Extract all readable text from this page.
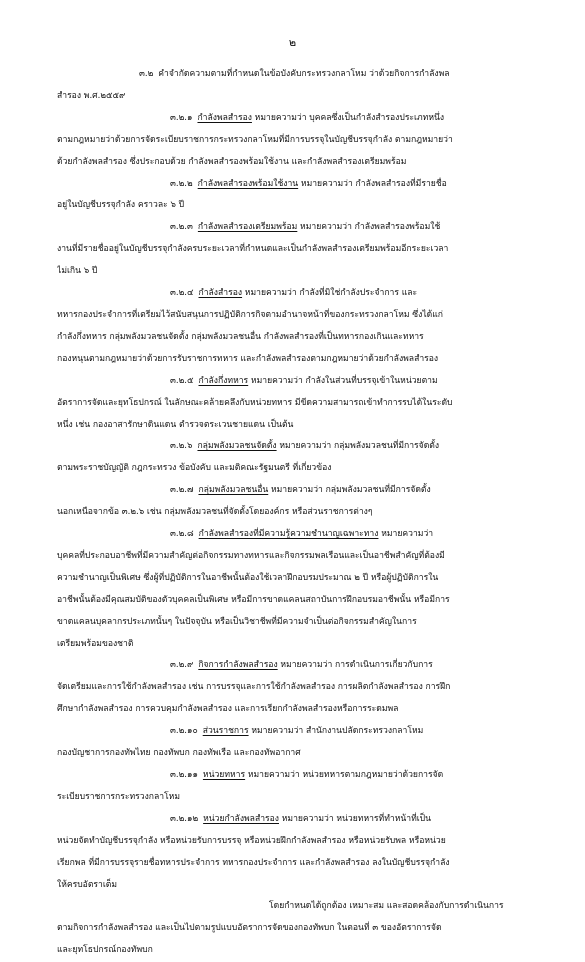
๒

๓.๒ คำจำกัดความตามที่กำหนดในข้อบังคับกระทรวงกลาโหม ว่าด้วยกิจการกำลังพล

สำรอง พ.ศ.๒๕๕๙

๓.๒.๑ กำลังพลสำรอง หมายความว่า บุคคลซึ่งเป็นกำลังสำรองประเภทหนึ่ง

ตามกฎหมายว่าด้วยการจัดระเบียบราชการกระทรวงกลาโหมที่มีการบรรจุในบัญชีบรรจุกำลัง ตามกฎหมายว่า

ด้วยกำลังพลสำรอง ซึ่งประกอบด้วย กำลังพลสำรองพร้อมใช้งาน และกำลังพลสำรองเตรียมพร้อม

๓.๒.๒ กำลังพลสำรองพร้อมใช้งาน หมายความว่า กำลังพลสำรองที่มีรายชื่อ

อยู่ในบัญชีบรรจุกำลัง คราวละ ๖ ปี

๓.๒.๓ กำลังพลสำรองเตรียมพร้อม หมายความว่า กำลังพลสำรองพร้อมใช้

งานที่มีรายชื่ออยู่ในบัญชีบรรจุกำลังครบระยะเวลาที่กำหนดและเป็นกำลังพลสำรองเตรียมพร้อมอีกระยะเวลา

ไม่เกิน ๖ ปี

๓.๒.๔ กำลังสำรอง หมายความว่า กำลังที่มิใช่กำลังประจำการ และ

ทหารกองประจำการที่เตรียมไว้สนับสนุนการปฏิบัติการกิจตามอำนาจหน้าที่ของกระทรวงกลาโหม ซึ่งได้แก่

กำลังกึ่งทหาร กลุ่มพลังมวลชนจัดตั้ง กลุ่มพลังมวลชนอื่น กำลังพลสำรองที่เป็นทหารกองเกินและทหาร

กองหนุนตามกฎหมายว่าด้วยการรับราชการทหาร และกำลังพลสำรองตามกฎหมายว่าด้วยกำลังพลสำรอง

๓.๒.๕ กำลังกึ่งทหาร หมายความว่า กำลังในส่วนที่บรรจุเข้าในหน่วยตาม

อัตราการจัดและยุทโธปกรณ์ ในลักษณะคล้ายคลึงกับหน่วยทหาร มีขีดความสามารถเข้าทำการรบได้ในระดับ

หนึ่ง เช่น กองอาสารักษาดินแดน ตำรวจตระเวนชายแดน เป็นต้น

๓.๒.๖ กลุ่มพลังมวลชนจัดตั้ง หมายความว่า กลุ่มพลังมวลชนที่มีการจัดตั้ง

ตามพระราชบัญญัติ กฎกระทรวง ข้อบังคับ และมติคณะรัฐมนตรี ที่เกี่ยวข้อง

๓.๒.๗ กลุ่มพลังมวลชนอื่น หมายความว่า กลุ่มพลังมวลชนที่มีการจัดตั้ง

นอกเหนือจากข้อ ๓.๒.๖ เช่น กลุ่มพลังมวลชนที่จัดตั้งโดยองค์กร หรือส่วนราชการต่างๆ

๓.๒.๘ กำลังพลสำรองที่มีความรู้ความชำนาญเฉพาะทาง หมายความว่า

บุคคลที่ประกอบอาชีพที่มีความสำคัญต่อกิจกรรมทางทหารและกิจกรรมพลเรือนและเป็นอาชีพสำคัญที่ต้องมี

ความชำนาญเป็นพิเศษ ซึ่งผู้ที่ปฏิบัติการในอาชีพนั้นต้องใช้เวลาฝึกอบรมประมาณ ๒ ปี หรือผู้ปฏิบัติการใน

อาชีพนั้นต้องมีคุณสมบัติของตัวบุคคลเป็นพิเศษ หรือมีการขาดแคลนสถาบันการฝึกอบรมอาชีพนั้น หรือมีการ

ขาดแคลนบุคลากรประเภทนั้นๆ ในปัจจุบัน หรือเป็นวิชาชีพที่มีความจำเป็นต่อกิจกรรมสำคัญในการ

เตรียมพร้อมของชาติ

๓.๒.๙ กิจการกำลังพลสำรอง หมายความว่า การดำเนินการเกี่ยวกับการ

จัดเตรียมและการใช้กำลังพลสำรอง เช่น การบรรจุและการใช้กำลังพลสำรอง การผลิตกำลังพลสำรอง การฝึก

ศึกษากำลังพลสำรอง การควบคุมกำลังพลสำรอง และการเรียกกำลังพลสำรองหรือการระดมพล

๓.๒.๑๐ ส่วนราชการ หมายความว่า สำนักงานปลัดกระทรวงกลาโหม

กองบัญชาการกองทัพไทย กองทัพบก กองทัพเรือ และกองทัพอากาศ

๓.๒.๑๑ หน่วยทหาร หมายความว่า หน่วยทหารตามกฎหมายว่าด้วยการจัด

ระเบียบราชการกระทรวงกลาโหม

๓.๒.๑๒ หน่วยกำลังพลสำรอง หมายความว่า หน่วยทหารที่ทำหน้าที่เป็น

หน่วยจัดทำบัญชีบรรจุกำลัง หรือหน่วยรับการบรรจุ หรือหน่วยฝึกกำลังพลสำรอง หรือหน่วยรับพล หรือหน่วย

เรียกพล ที่มีการบรรจุรายชื่อทหารประจำการ ทหารกองประจำการ และกำลังพลสำรอง ลงในบัญชีบรรจุกำลัง

ให้ครบอัตราเต็ม

โดยกำหนดได้ถูกต้อง เหมาะสม และสอดคล้องกับการดำเนินการ

ตามกิจการกำลังพลสำรอง และเป็นไปตามรูปแบบอัตราการจัดของกองทัพบก ในตอนที่ ๓ ของอัตราการจัด

และยุทโธปกรณ์กองทัพบก
